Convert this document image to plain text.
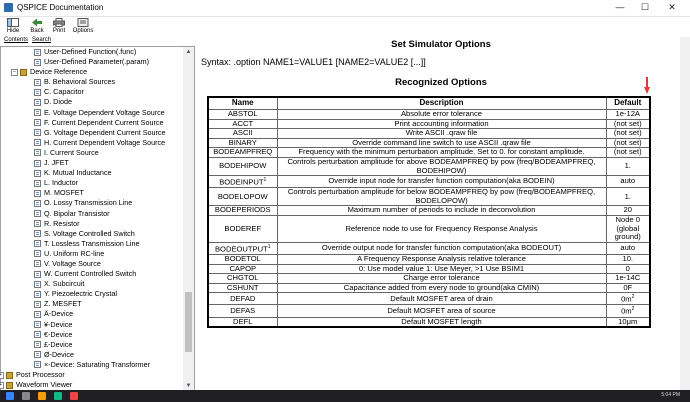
QSPICE Documentation	—	☐	✕
Hide	Back	Print	Options
Contents Search
User-Defined Function(.func)
User-Defined Parameter(.param)
− Device Reference
B. Behavioral Sources
C. Capacitor
D. Diode
E. Voltage Dependent Voltage Source
F. Current Dependent Current Source
G. Voltage Dependent Current Source
H. Current Dependent Voltage Source
I. Current Source
J. JFET
K. Mutual Inductance
L. Inductor
M. MOSFET
O. Lossy Transmission Line
Q. Bipolar Transistor
R. Resistor
S. Voltage Controlled Switch
T. Lossless Transmission Line
U. Uniform RC-line
V. Voltage Source
W. Current Controlled Switch
X. Subcircuit
Y. Piezoelectric Crystal
Z. MESFET
Ä-Device
¥-Device
€-Device
£-Device
Ø-Device
×-Device: Saturating Transformer
+ Post Processor
+ Waveform Viewer
▲
▼
Set Simulator Options
Syntax: .option NAME1=VALUE1 [NAME2=VALUE2 [...]]
Recognized Options
Name	Description	Default
ABSTOL	Absolute error tolerance	1e-12A
ACCT	Print accounting information	(not set)
ASCII	Write ASCII .qraw file	(not set)
BINARY	Override command line switch to use ASCII .qraw file	(not set)
BODEAMPFREQ	Frequency with the minimum perturbation amplitude. Set to 0. for constant amplitude.	(not set)
BODEHIPOW	Controls perturbation amplitude for above BODEAMPFREQ by pow (freq/BODEAMPFREQ, BODEHIPOW)	1.
BODEINPUT$^1$	Override input node for transfer function computation(aka BODEIN)	auto
BODELOPOW	Controls perturbation amplitude for below BODEAMPFREQ by pow (freq/BODEAMPFREQ, BODELOPOW)	1.
BODEPERIODS	Maximum number of periods to include in deconvolution	20
BODEREF	Reference node to use for Frequency Response Analysis	Node 0 (global ground)
BODEOUTPUT$^1$	Override output node for transfer function computation(aka BODEOUT)	auto
BODETOL	A Frequency Response Analysis relative tolerance	10.
CAPOP	0: Use model value 1: Use Meyer, >1 Use BSIM1	0
CHGTOL	Charge error tolerance	1e-14C
CSHUNT	Capacitance added from every node to ground(aka CMIN)	0F
DEFAD	Default MOSFET area of drain	$0m^2$
DEFAS	Default MOSFET area of source	$0m^2$
DEFL	Default MOSFET length	10μm
5:04 PM
